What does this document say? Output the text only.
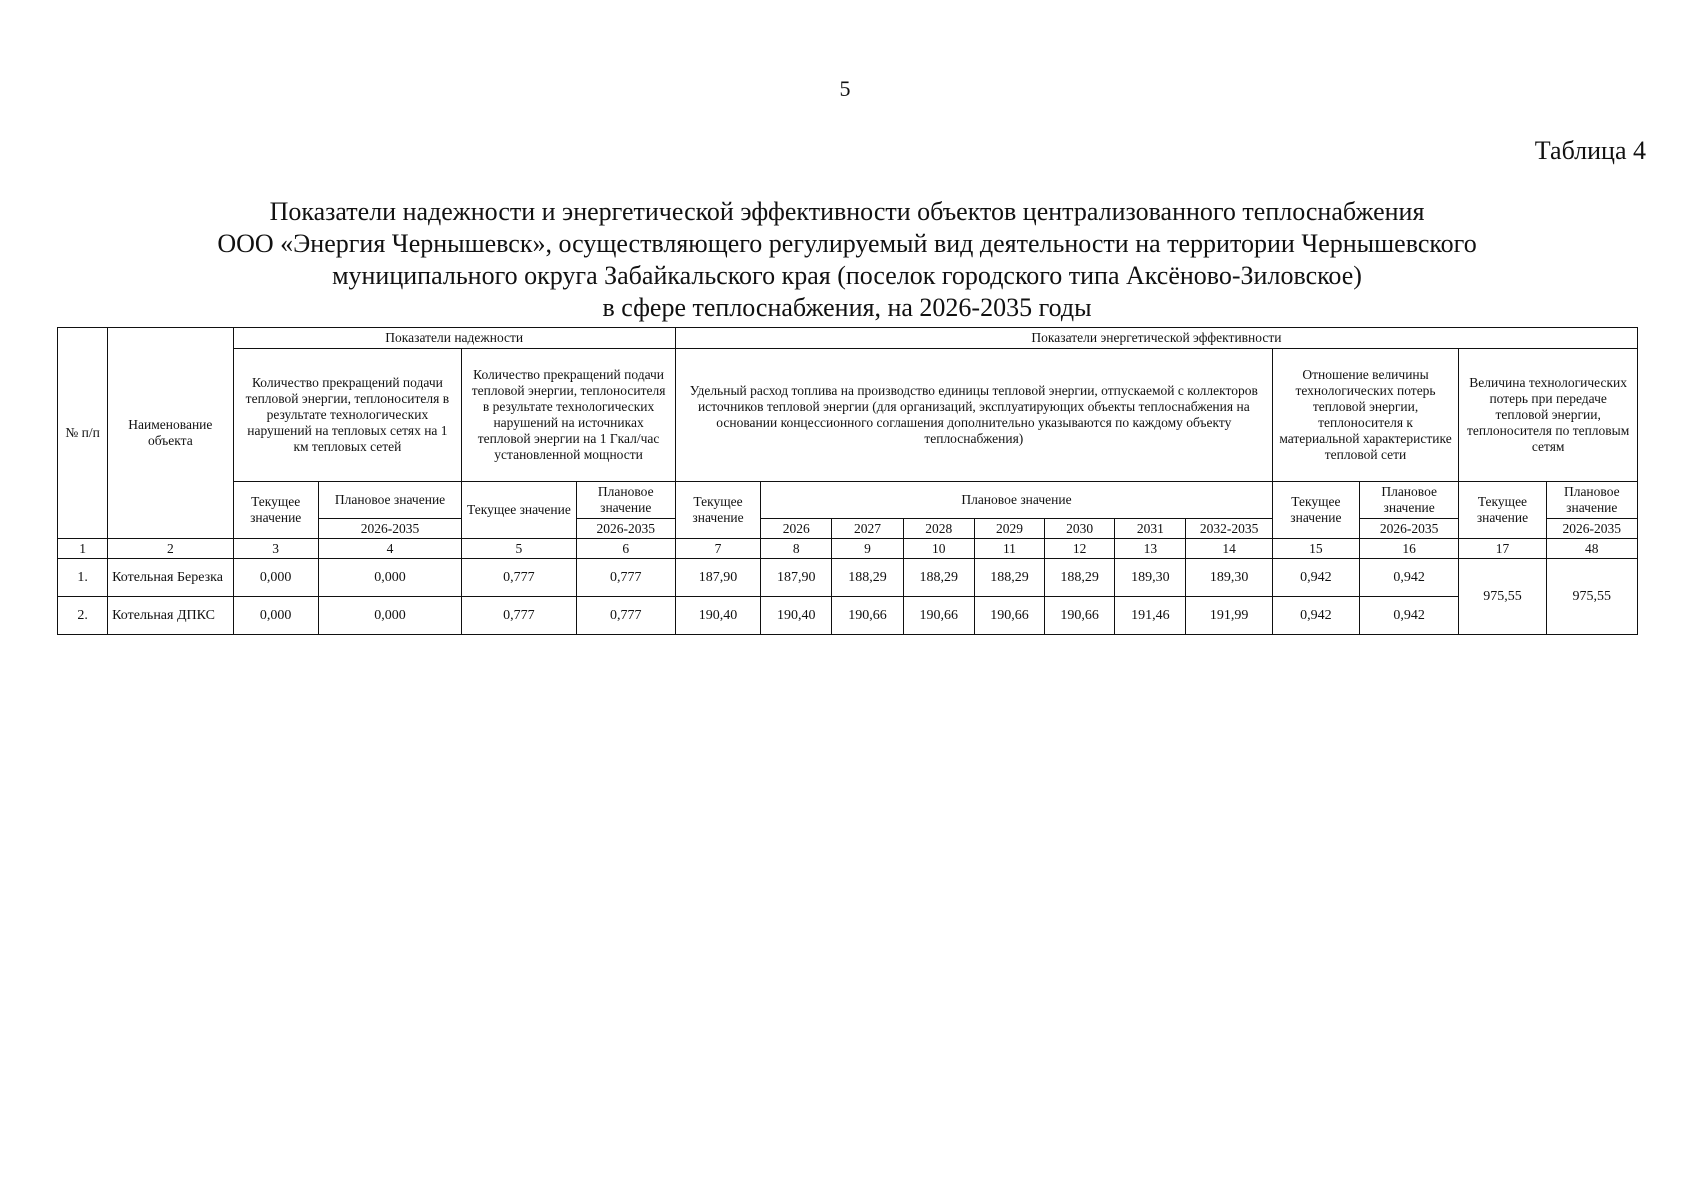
5
Таблица 4
Показатели надежности и энергетической эффективности объектов централизованного теплоснабжения
ООО «Энергия Чернышевск», осуществляющего регулируемый вид деятельности на территории Чернышевского
муниципального округа Забайкальского края (поселок городского типа Аксёново-Зиловское)
в сфере теплоснабжения, на 2026-2035 годы
№ п/п	Наименование объекта	Показатели надежности				Показатели энергетической эффективности											
		Количество прекращений подачи тепловой энергии, теплоносителя в результате технологических нарушений на тепловых сетях на 1 км тепловых сетей		Количество прекращений подачи тепловой энергии, теплоносителя в результате технологических нарушений на источниках тепловой энергии на 1 Гкал/час установленной мощности		Удельный расход топлива на производство единицы тепловой энергии, отпускаемой с коллекторов источников тепловой энергии (для организаций, эксплуатирующих объекты теплоснабжения на основании концессионного соглашения дополнительно указываются по каждому объекту теплоснабжения)								Отношение величины технологических потерь тепловой энергии, теплоносителя к материальной характеристике тепловой сети		Величина технологических потерь при передаче тепловой энергии, теплоносителя по тепловым сетям	
		Текущее значение	Плановое значение	Текущее значение	Плановое значение	Текущее значение	Плановое значение							Текущее значение	Плановое значение	Текущее значение	Плановое значение
			2026-2035		2026-2035		2026	2027	2028	2029	2030	2031	2032-2035		2026-2035		2026-2035
1	2	3	4	5	6	7	8	9	10	11	12	13	14	15	16	17	48
1.	Котельная Березка	0,000	0,000	0,777	0,777	187,90	187,90	188,29	188,29	188,29	188,29	189,30	189,30	0,942	0,942	975,55	975,55
2.	Котельная ДПКС	0,000	0,000	0,777	0,777	190,40	190,40	190,66	190,66	190,66	190,66	191,46	191,99	0,942	0,942		
